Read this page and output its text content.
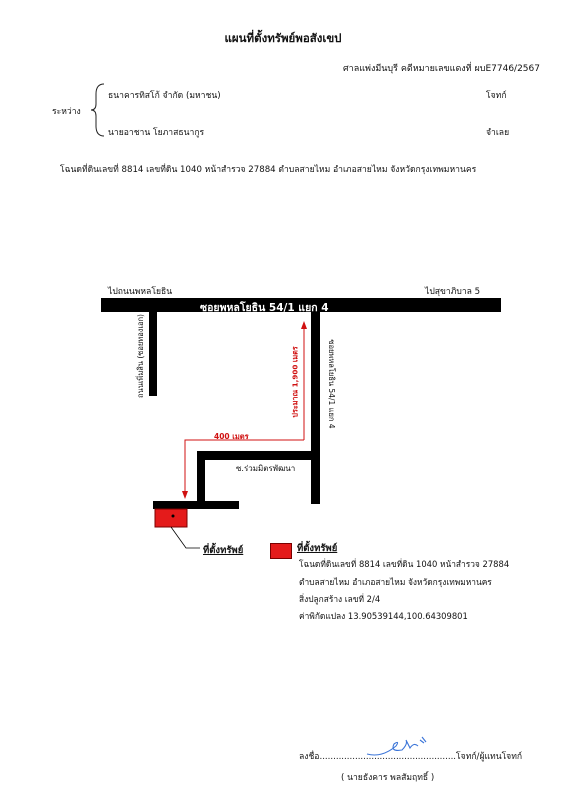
แผนที่ตั้งทรัพย์พอสังเขป
ศาลแพ่งมีนบุรี คดีหมายเลขแดงที่ ผบE7746/2567
ระหว่าง
ธนาคารทิสโก้ จำกัด (มหาชน)	โจทก์
นายอาชาน โยภาสธนากูร	จำเลย
โฉนดที่ดินเลขที่ 8814 เลขที่ดิน 1040 หน้าสำรวจ 27884 ตำบลสายไหม อำเภอสายไหม จังหวัดกรุงเทพมหานคร
ไปถนนพหลโยธิน	ไปสุขาภิบาล 5
ซอยพหลโยธิน 54/1 แยก 4
ถนนเพิ่มสิน (ซอยทองเอก)	ซอยพหลโยธิน 54/1 แยก 4
ประมาณ 1,900 เมตร
400 เมตร
ซ.ร่วมมิตรพัฒนา
ที่ตั้งทรัพย์	ที่ตั้งทรัพย์
โฉนดที่ดินเลขที่ 8814 เลขที่ดิน 1040 หน้าสำรวจ 27884
ตำบลสายไหม อำเภอสายไหม จังหวัดกรุงเทพมหานคร
สิ่งปลูกสร้าง เลขที่ 2/4
ค่าพิกัดแปลง 13.90539144,100.64309801
ลงชื่อ..................................................โจทก์/ผู้แทนโจทก์
( นายธังคาร พลสัมฤทธิ์ )
